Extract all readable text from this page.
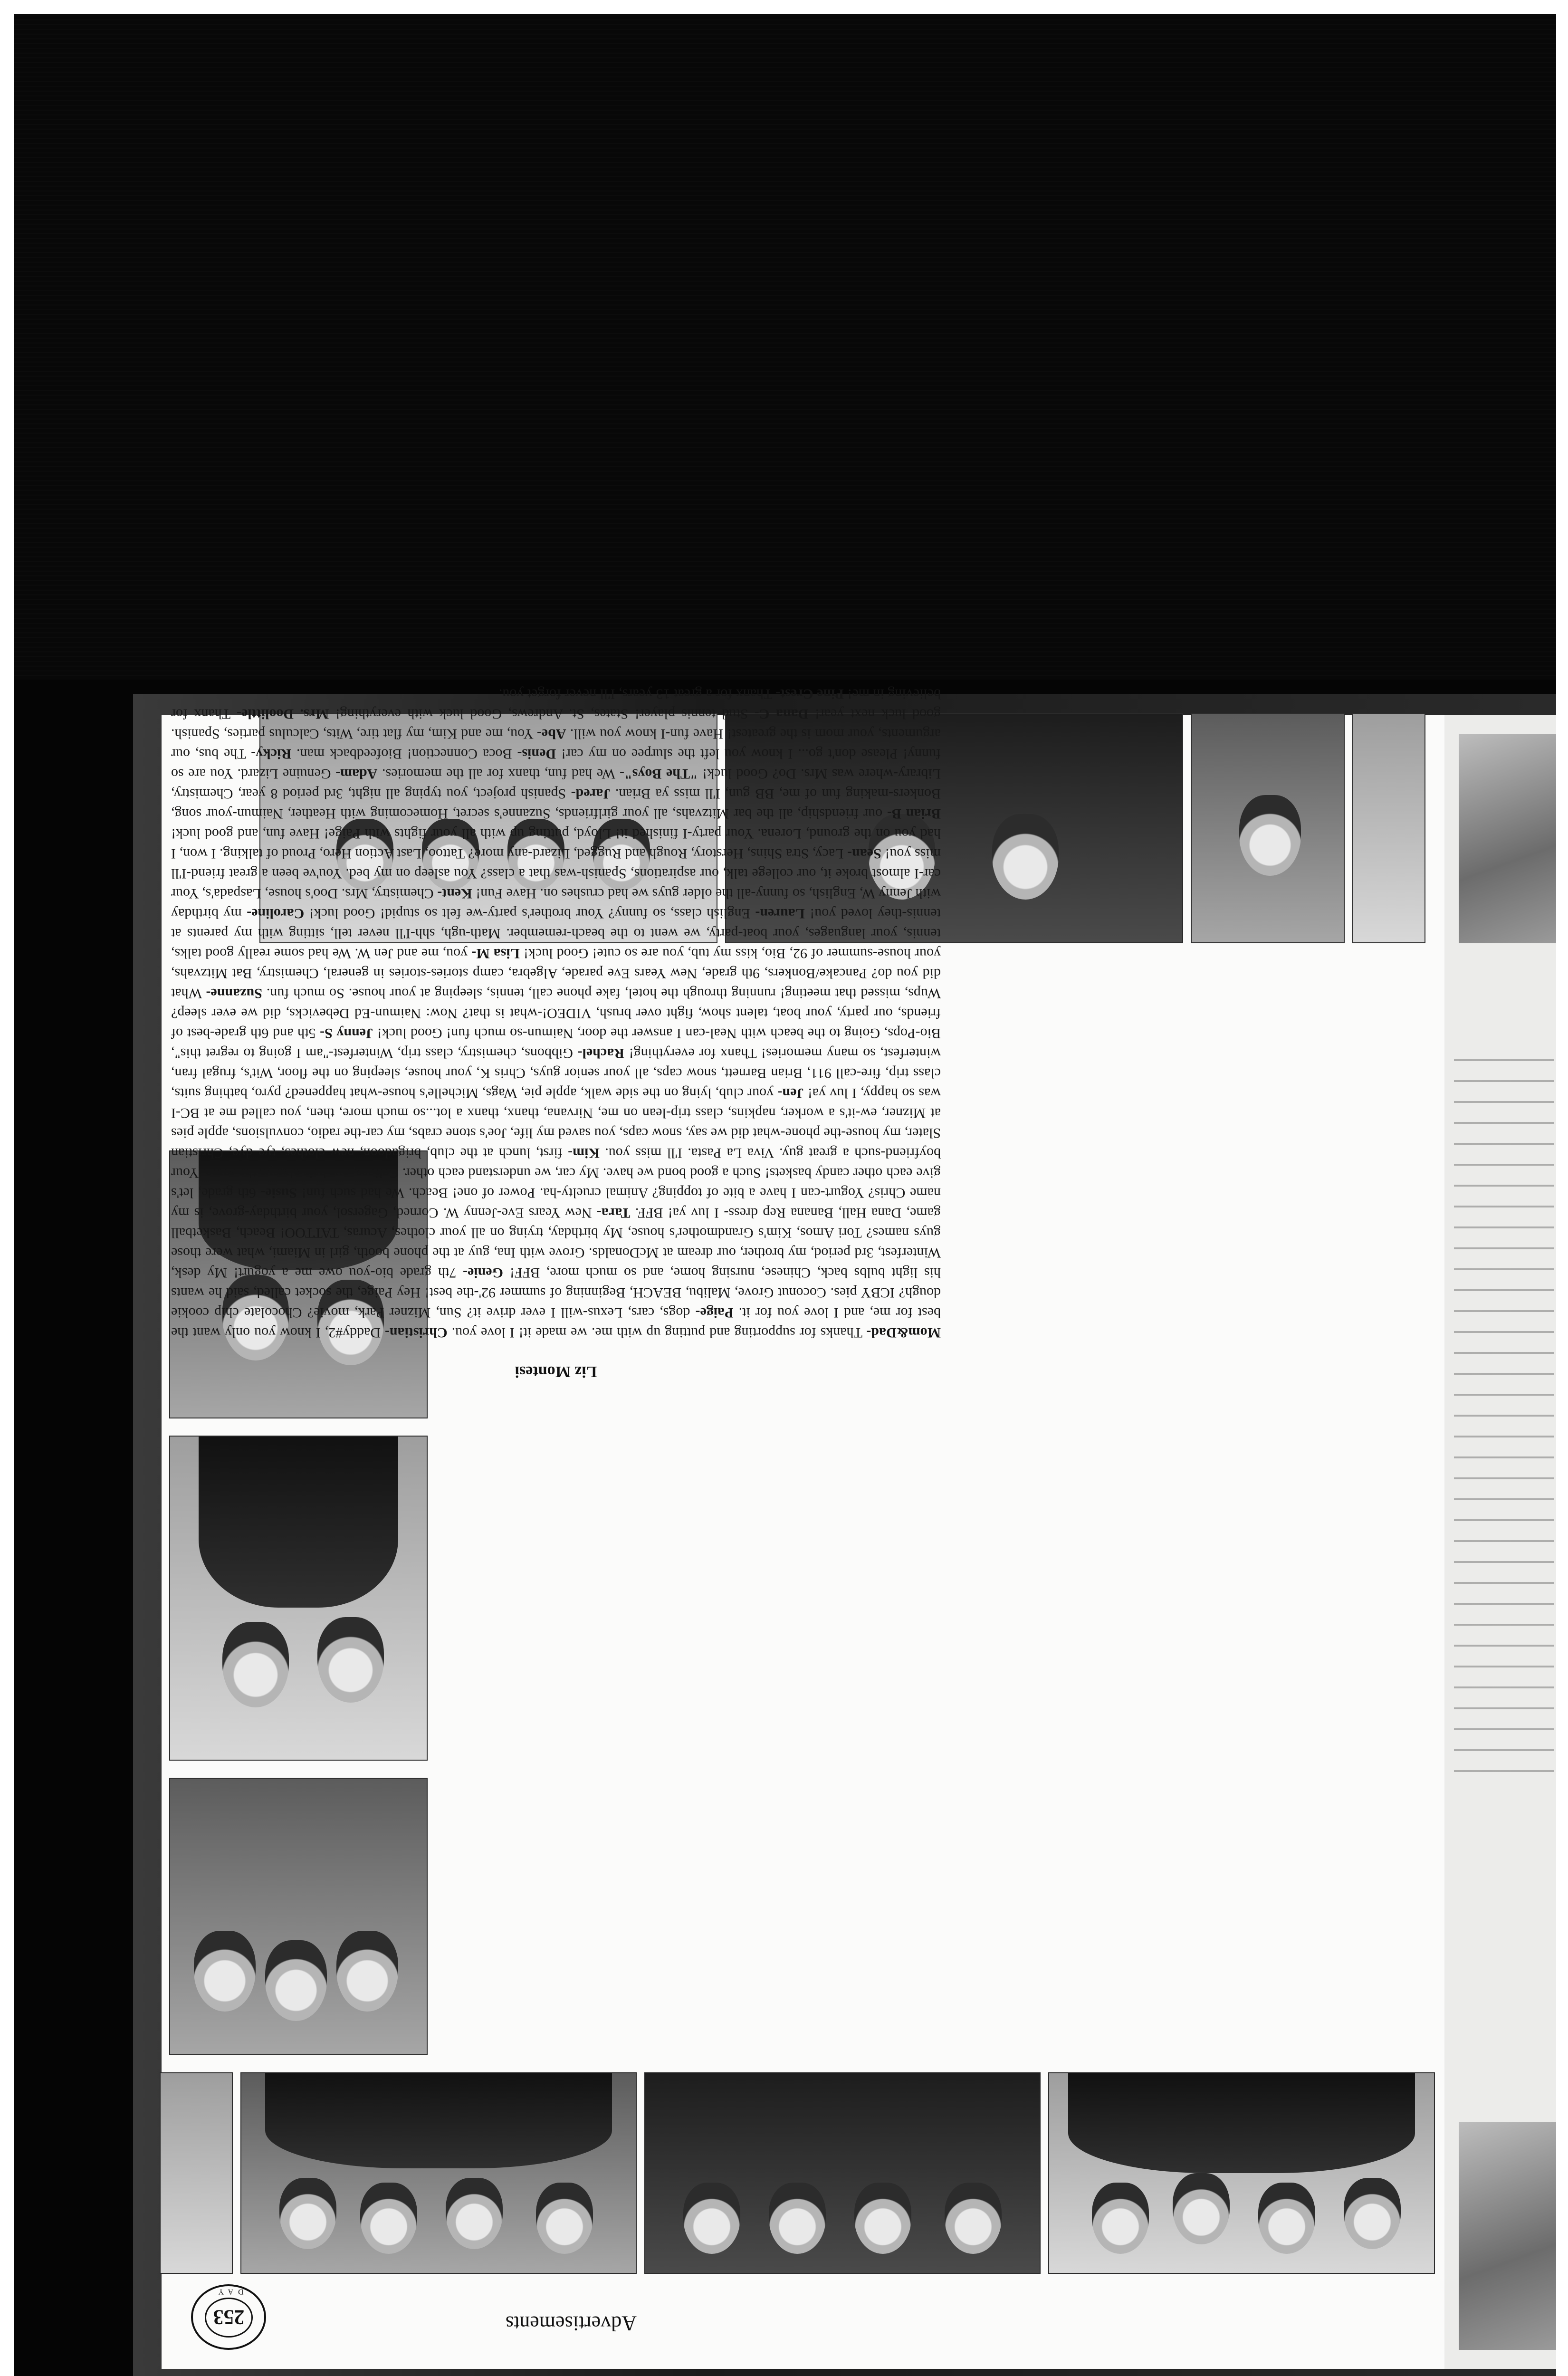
Advertisements
253
DAY
Liz Montesi
Mom&Dad- Thanks for supporting and putting up with me. we made it! I love you. Christian- Daddy#2, I know you only want the best for me, and I love you for it. Paige- dogs, cars, Lexus-will I ever drive it? Sun, Mizner Park, movie? Chocolate chip cookie dough? ICBY pies. Coconut Grove, Malibu, BEACH, Beginning of summer 92'-the best! Hey Paige, the socket called, said he wants his light bulbs back, Chinese, nursing home, and so much more, BFF! Genie- 7th grade bio-you owe me a yogurt! My desk, Winterfest, 3rd period, my brother, our dream at McDonalds. Grove with Ina, guy at the phone booth, girl in Miami, what were those guys names? Tori Amos, Kim's Grandmother's house, My birthday, trying on all your clothes, Acuras, TATTOO! Beach, Basketball game, Dana Hall, Banana Rep dress- I luv ya! BFF. Tara- New Years Eve-Jenny W. Corned, Gagersol, your birthday-grove, is my name Chris? Yogurt-can I have a bite of topping? Animal cruelty-ha. Power of one! Beach. We had such fun! Susie- 6th grade, let's give each other candy baskets! Such a good bond we have. My car, we understand each other. Celicas, our hair-always the same. Your boyfriend-such a great guy. Viva La Pasta. I'll miss you. Kim- first, lunch at the club, brigadoon, new clothes, tye dye, Christian Slater, my house-the phone-what did we say, snow caps, you saved my life, Joe's stone crabs, my car-the radio, convulsions, apple pies at Mizner, ew-it's a worker, napkins, class trip-lean on me, Nirvana, thanx, thanx a lot...so much more, then, you called me at BC-I was so happy, I luv ya! Jen- your club, lying on the side walk, apple pie, Wags, Michelle's house-what happened? pyro, bathing suits, class trip, fire-call 911, Brian Barnett, snow caps, all your senior guys, Chris K, your house, sleeping on the floor, Wit's, frugal fran, winterfest, so many memories! Thanx for everything! Rachel- Gibbons, chemistry, class trip, Winterfest-"am I going to regret this", Bio-Pops, Going to the beach with Neal-can I answer the door, Naimun-so much fun! Good luck! Jenny S- 5th and 6th grade-best of friends, our party, your boat, talent show, fight over brush, VIDEO!-what is that? Now: Naimun-Ed Debevicks, did we ever sleep? Wups, missed that meeting! running through the hotel, fake phone call, tennis, sleeping at your house. So much fun. Suzanne- What did you do? Pancake/Bonkers, 9th grade, New Years Eve parade, Algebra, camp stories-stories in general, Chemistry, Bat Mitzvahs, your house-summer of 92, Bio, kiss my tub, you are so cute! Good luck! Lisa M- you, me and Jen W. We had some really good talks, tennis, your languages, your boat-party, we went to the beach-remember. Math-ugh, shh-I'll never tell, sitting with my parents at tennis-they loved you! Lauren- English class, so funny? Your brother's party-we felt so stupid! Good luck! Caroline- my birthday with Jenny W, English, so funny-all the older guys we had crushes on. Have Fun! Kent- Chemistry, Mrs. Doo's house, Laspada's, Your car-I almost broke it, our college talk, our aspirations, Spanish-was that a class? You asleep on my bed. You've been a great friend-I'll miss you! Sean- Lacy, Stra Shins, Herstory, Rough and Rugged, Lizard-any more? Tattoo, Last Action Hero, Proud of talking. I won, I had you on the ground, Lorena. Your party-I finished it! Lloyd, putting up with all your fights with Paige! Have fun, and good luck! Brian B- our friendship, all the bar Mitzvahs, all your girlfriends, Suzanne's secret, Homecoming with Heather, Naimun-your song, Bonkers-making fun of me, BB gun, I'll miss ya Brian. Jared- Spanish project, you typing all night, 3rd period 8 year, Chemistry, Library-where was Mrs. Do? Good luck! "The Boys"- We had fun, thanx for all the memories. Adam- Genuine Lizard. You are so funny! Please don't go... I know you left the slurpee on my car! Denis- Boca Connection! Biofeedback man. Ricky- The bus, our arguments, your mom is the greatest! Have fun-I know you will. Abe- You, me and Kim, my flat tire, Wits, Calculus parties, Spanish. good luck next year! Dana C- Stud tennis player! States, St. Andrews, Good luck with everything! Mrs. Doolittle- Thanx for believing in me! Pine Crest- Thanx for a great 13 years, I'll never forget you.
